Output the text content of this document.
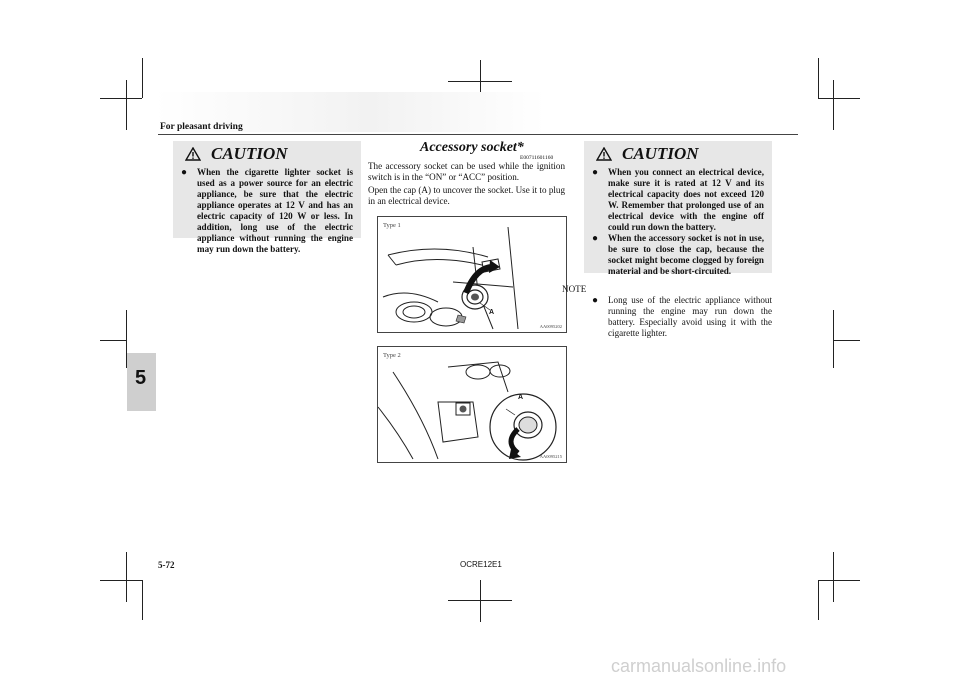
For pleasant driving
CAUTION
● When the cigarette lighter socket is used as a power source for an electric appliance, be sure that the electric appliance operates at 12 V and has an electric capacity of 120 W or less. In addition, long use of the electric appliance without running the engine may run down the battery.
Accessory socket*
E00711601160
The accessory socket can be used while the ignition switch is in the “ON” or “ACC” position.
Open the cap (A) to uncover the socket. Use it to plug in an electrical device.
Type 1
A
AA0095202
Type 2
A
AA0095215
CAUTION
● When you connect an electrical device, make sure it is rated at 12 V and its electrical capacity does not exceed 120 W. Remember that prolonged use of an electrical device with the engine off could run down the battery.
● When the accessory socket is not in use, be sure to close the cap, because the socket might become clogged by foreign material and be short-circuited.
NOTE
● Long use of the electric appliance without running the engine may run down the battery. Especially avoid using it with the cigarette lighter.
5
5-72	OCRE12E1
carmanualsonline.info
